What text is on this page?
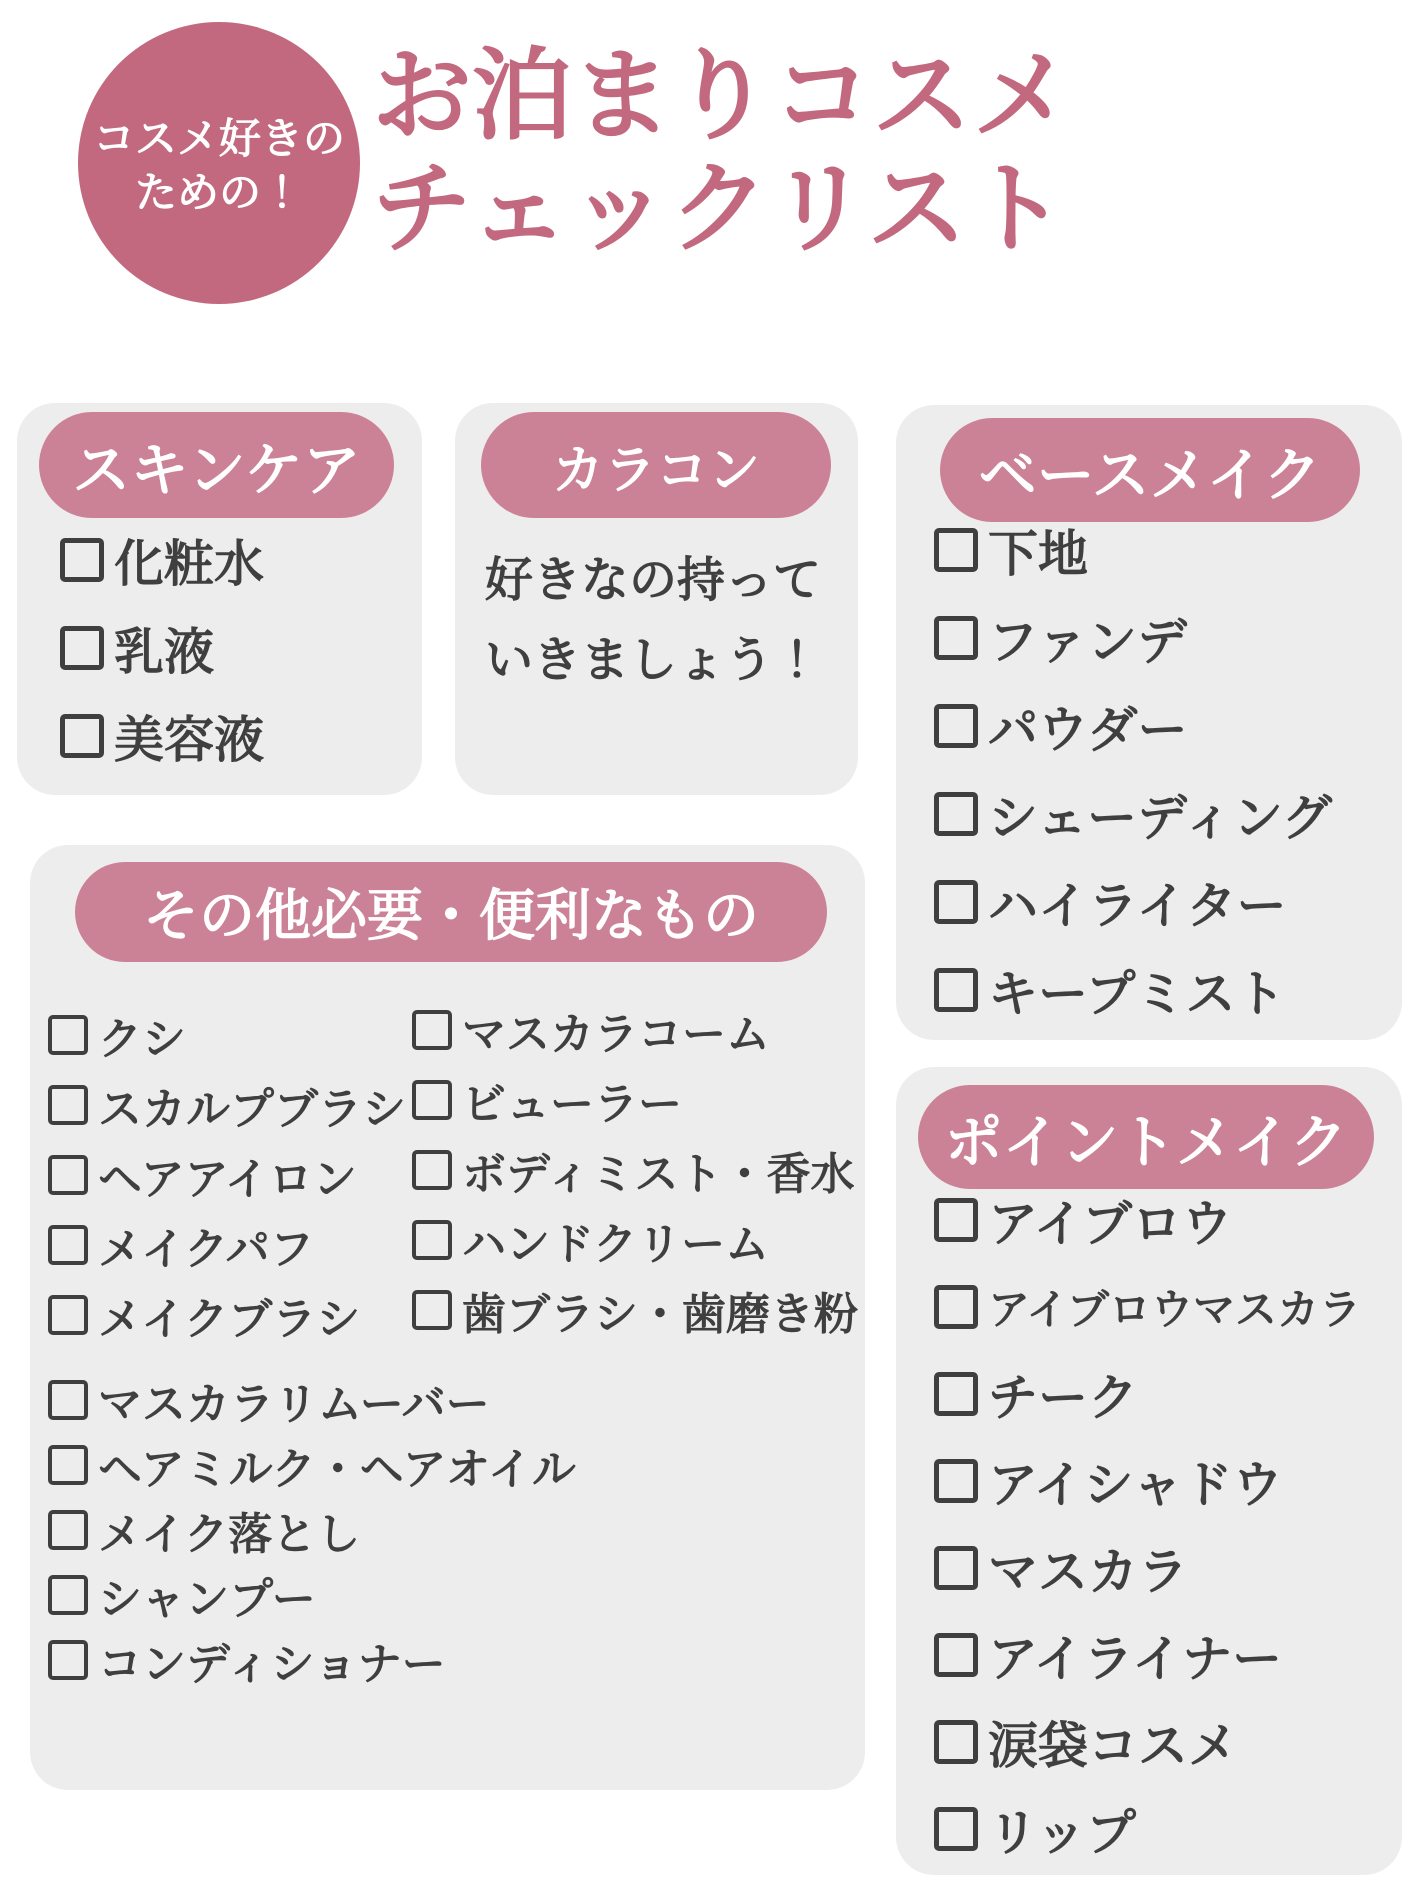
コスメ好きの
ための！
お泊まりコスメ
チェックリスト
スキンケア
化粧水
乳液
美容液
カラコン
好きなの持って
いきましょう！
ベースメイク
下地
ファンデ
パウダー
シェーディング
ハイライター
キープミスト
その他必要・便利なもの
クシ
スカルプブラシ
ヘアアイロン
メイクパフ
メイクブラシ
マスカラコーム
ビューラー
ボディミスト・香水
ハンドクリーム
歯ブラシ・歯磨き粉
マスカラリムーバー
ヘアミルク・ヘアオイル
メイク落とし
シャンプー
コンディショナー
ポイントメイク
アイブロウ
アイブロウマスカラ
チーク
アイシャドウ
マスカラ
アイライナー
涙袋コスメ
リップ
